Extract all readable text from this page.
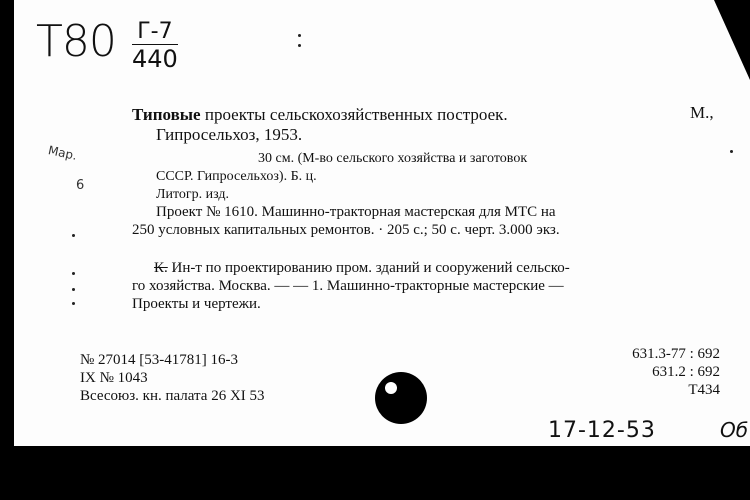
T80 Г-7
440
Мар.
6
Типовые проекты сельскохозяйственных построек.	М.,
Гипросельхоз, 1953.
30 см. (М-во сельского хозяйства и заготовок
СССР. Гипросельхоз). Б. ц.
Литогр. изд.
Проект № 1610. Машинно-тракторная мастерская для МТС на
250 условных капитальных ремонтов. · 205 с.; 50 с. черт. 3.000 экз.
К. Ин-т по проектированию пром. зданий и сооружений сельско-
го хозяйства. Москва. — — 1. Машинно-тракторные мастерские —
Проекты и чертежи.
№ 27014 [53-41781] 16-3
IX № 1043
Всесоюз. кн. палата 26 XI 53
631.3-77 : 692
631.2 : 692
Т434
17-12-53	Об
